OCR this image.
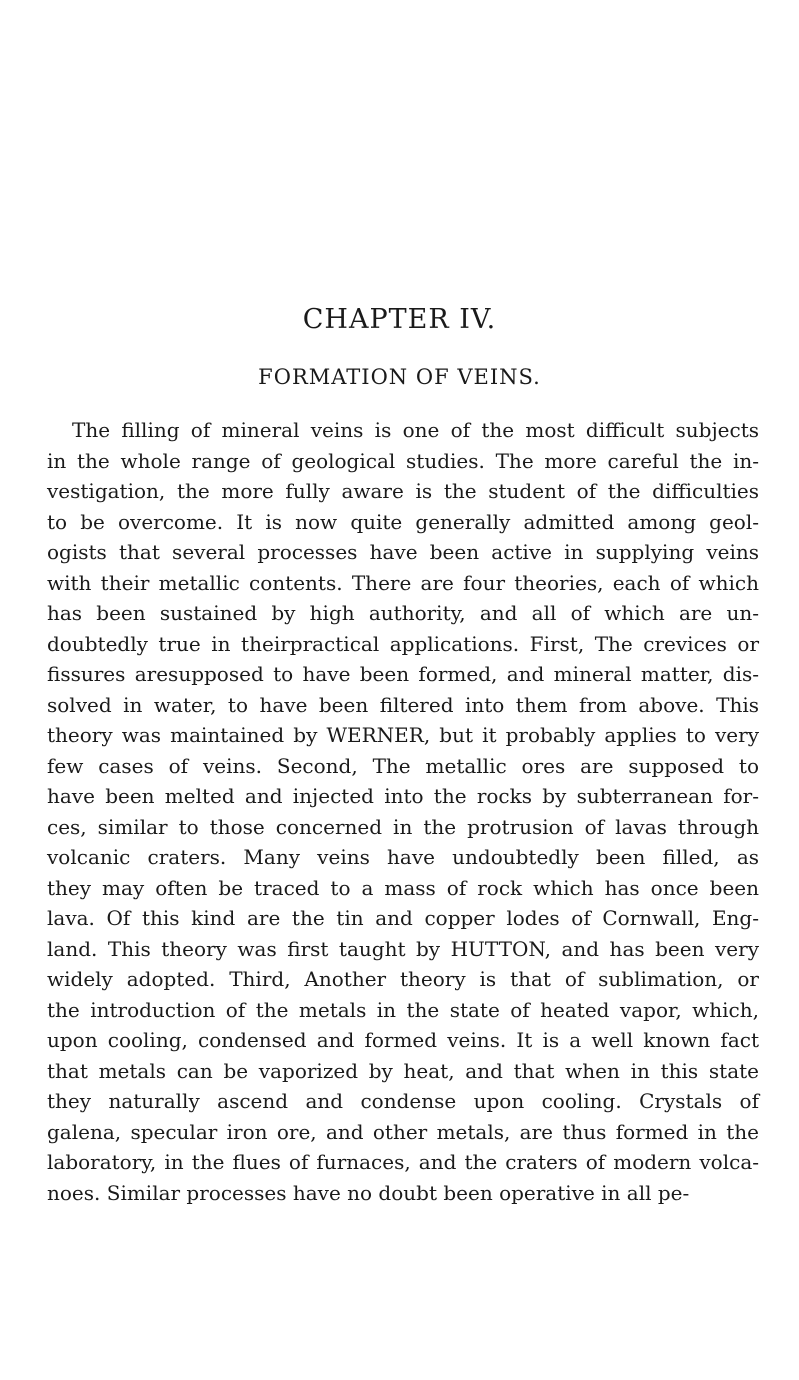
CHAPTER IV.
FORMATION OF VEINS.
The filling of mineral veins is one of the most difficult subjects
in the whole range of geological studies. The more careful the in-
vestigation, the more fully aware is the student of the difficulties
to be overcome. It is now quite generally admitted among geol-
ogists that several processes have been active in supplying veins
with their metallic contents. There are four theories, each of which
has been sustained by high authority, and all of which are un-
doubtedly true in theirpractical applications. First, The crevices or
fissures aresupposed to have been formed, and mineral matter, dis-
solved in water, to have been filtered into them from above. This
theory was maintained by WERNER, but it probably applies to very
few cases of veins. Second, The metallic ores are supposed to
have been melted and injected into the rocks by subterranean for-
ces, similar to those concerned in the protrusion of lavas through
volcanic craters. Many veins have undoubtedly been filled, as
they may often be traced to a mass of rock which has once been
lava. Of this kind are the tin and copper lodes of Cornwall, Eng-
land. This theory was first taught by HUTTON, and has been very
widely adopted. Third, Another theory is that of sublimation, or
the introduction of the metals in the state of heated vapor, which,
upon cooling, condensed and formed veins. It is a well known fact
that metals can be vaporized by heat, and that when in this state
they naturally ascend and condense upon cooling. Crystals of
galena, specular iron ore, and other metals, are thus formed in the
laboratory, in the flues of furnaces, and the craters of modern volca-
noes. Similar processes have no doubt been operative in all pe-
